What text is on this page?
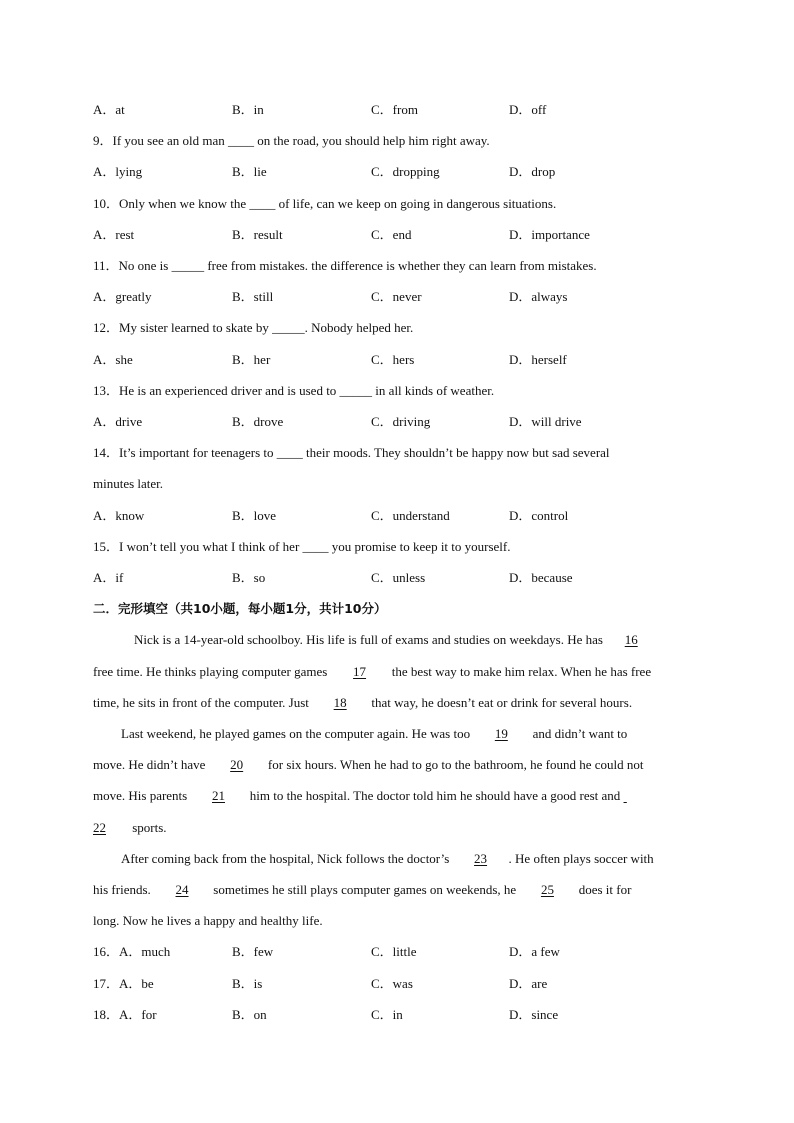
A．at	B．in	C．from	D．off
9．If you see an old man ____ on the road, you should help him right away.
A．lying	B．lie	C．dropping	D．drop
10．Only when we know the ____ of life, can we keep on going in dangerous situations.
A．rest	B．result	C．end	D．importance
11．No one is _____ free from mistakes. the difference is whether they can learn from mistakes.
A．greatly	B．still	C．never	D．always
12．My sister learned to skate by _____. Nobody helped her.
A．she	B．her	C．hers	D．herself
13．He is an experienced driver and is used to _____ in all kinds of weather.
A．drive	B．drove	C．driving	D．will drive
14．It’s important for teenagers to ____ their moods. They shouldn’t be happy now but sad several
minutes later.
A．know	B．love	C．understand	D．control
15．I won’t tell you what I think of her ____ you promise to keep it to yourself.
A．if	B．so	C．unless	D．because
二．完形填空（共10小题，每小题1分，共计10分）
Nick is a 14-year-old schoolboy. His life is full of exams and studies on weekdays. He has 16
free time. He thinks playing computer games 17 the best way to make him relax. When he has free
time, he sits in front of the computer. Just 18 that way, he doesn’t eat or drink for several hours.
Last weekend, he played games on the computer again. He was too 19 and didn’t want to
move. He didn’t have 20 for six hours. When he had to go to the bathroom, he found he could not
move. His parents 21 him to the hospital. The doctor told him he should have a good rest and
22 sports.
After coming back from the hospital, Nick follows the doctor’s 23 . He often plays soccer with
his friends. 24 sometimes he still plays computer games on weekends, he 25 does it for
long. Now he lives a happy and healthy life.
16．A．much	B．few	C．little	D．a few
17．A．be	B．is	C．was	D．are
18．A．for	B．on	C．in	D．since
